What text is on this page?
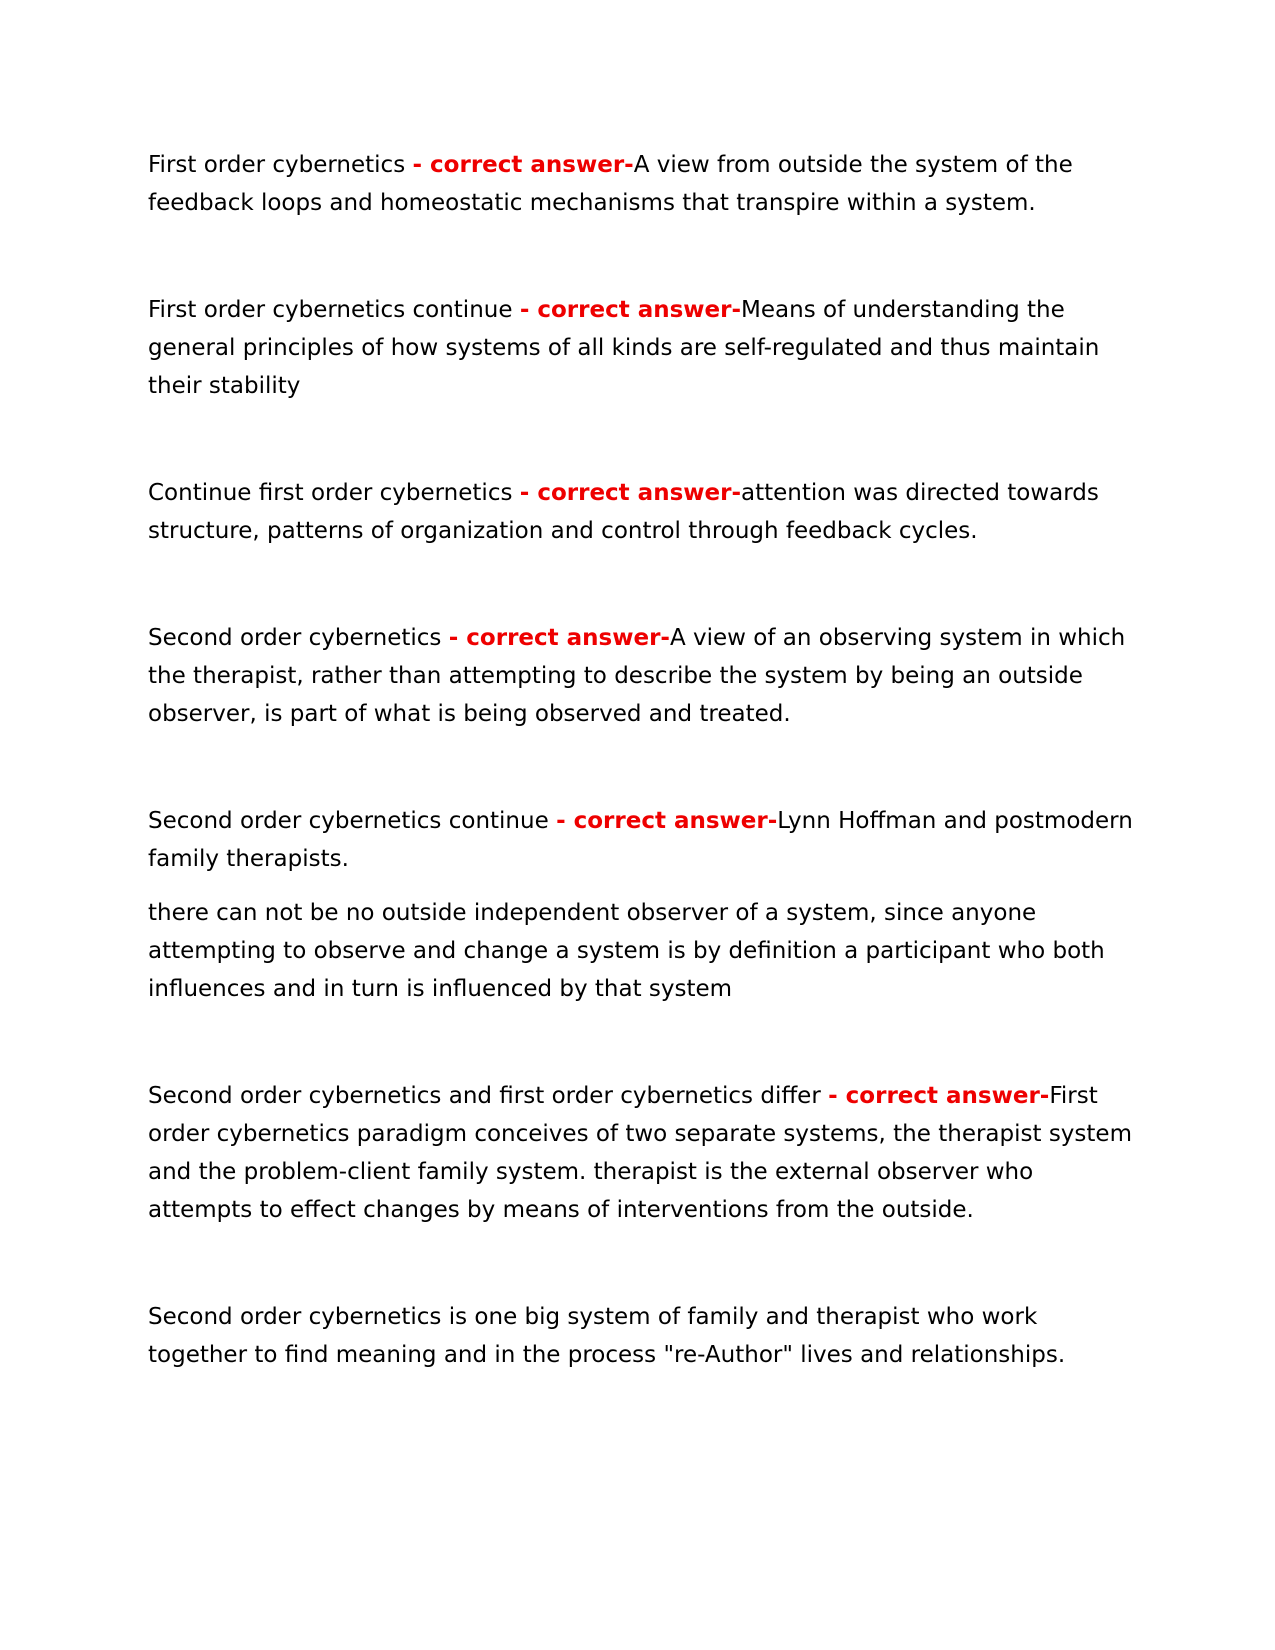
First order cybernetics - correct answer-A view from outside the system of the feedback loops and homeostatic mechanisms that transpire within a system.

First order cybernetics continue - correct answer-Means of understanding the general principles of how systems of all kinds are self-regulated and thus maintain their stability

Continue first order cybernetics - correct answer-attention was directed towards structure, patterns of organization and control through feedback cycles.

Second order cybernetics - correct answer-A view of an observing system in which the therapist, rather than attempting to describe the system by being an outside observer, is part of what is being observed and treated.

Second order cybernetics continue - correct answer-Lynn Hoffman and postmodern family therapists.

there can not be no outside independent observer of a system, since anyone attempting to observe and change a system is by definition a participant who both influences and in turn is influenced by that system

Second order cybernetics and first order cybernetics differ - correct answer-First order cybernetics paradigm conceives of two separate systems, the therapist system and the problem-client family system. therapist is the external observer who attempts to effect changes by means of interventions from the outside.

Second order cybernetics is one big system of family and therapist who work together to find meaning and in the process "re-Author" lives and relationships.
